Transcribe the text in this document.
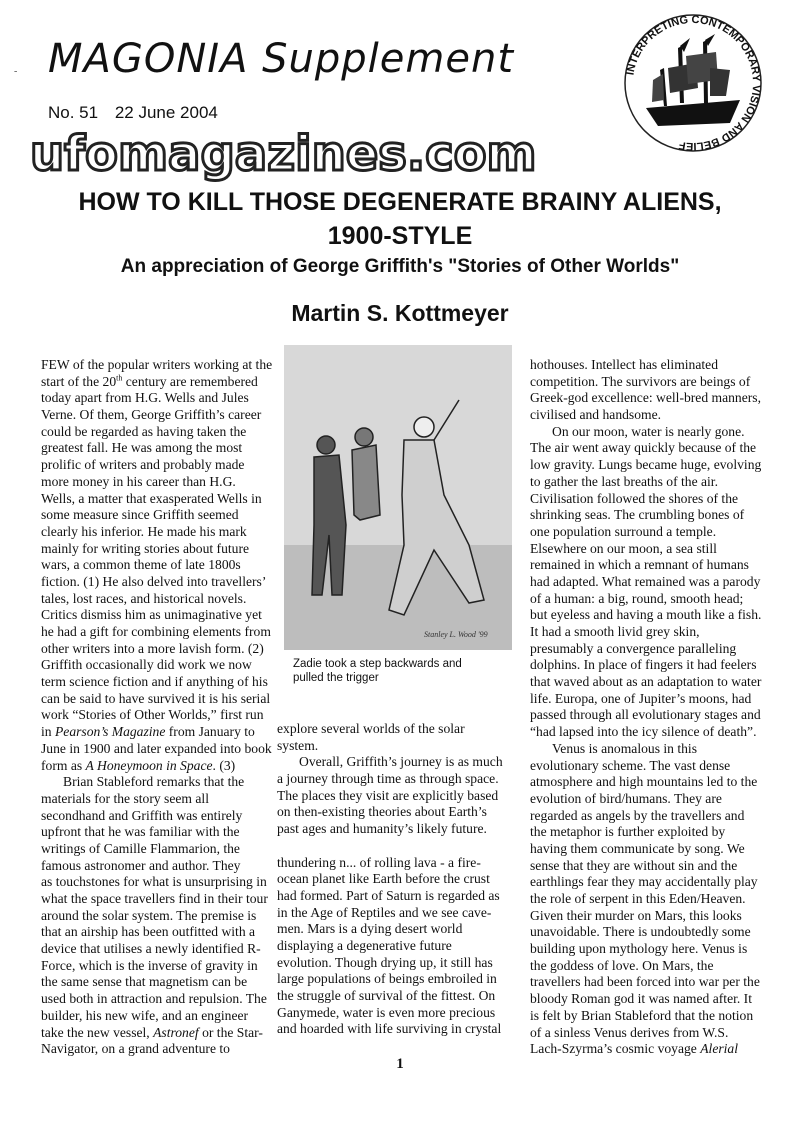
- MAGONIA Supplement
No. 51 22 June 2004
INTERPRETING CONTEMPORARY VISION AND BELIEF
ufomagazines.com
HOW TO KILL THOSE DEGENERATE BRAINY ALIENS,
1900-STYLE
An appreciation of George Griffith's "Stories of Other Worlds"
Martin S. Kottmeyer
FEW of the popular writers working at the
start of the 20th century are remembered
today apart from H.G. Wells and Jules
Verne. Of them, George Griffith’s career
could be regarded as having taken the
greatest fall. He was among the most
prolific of writers and probably made
more money in his career than H.G.
Wells, a matter that exasperated Wells in
some measure since Griffith seemed
clearly his inferior. He made his mark
mainly for writing stories about future
wars, a common theme of late 1800s
fiction. (1) He also delved into travellers’
tales, lost races, and historical novels.
Critics dismiss him as unimaginative yet
he had a gift for combining elements from
other writers into a more lavish form. (2)
Griffith occasionally did work we now
term science fiction and if anything of his
can be said to have survived it is his serial
work “Stories of Other Worlds,” first run
in Pearson’s Magazine from January to
June in 1900 and later expanded into book
form as A Honeymoon in Space. (3)
Brian Stableford remarks that the
materials for the story seem all
secondhand and Griffith was entirely
upfront that he was familiar with the
writings of Camille Flammarion, the
famous astronomer and author. They
as touchstones for what is unsurprising in
what the space travellers find in their tour
around the solar system. The premise is
that an airship has been outfitted with a
device that utilises a newly identified R-
Force, which is the inverse of gravity in
the same sense that magnetism can be
used both in attraction and repulsion. The
builder, his new wife, and an engineer
take the new vessel, Astronef or the Star-
Navigator, on a grand adventure to
Stanley L. Wood '99
Zadie took a step backwards and
pulled the trigger
explore several worlds of the solar
system.
Overall, Griffith’s journey is as much
a journey through time as through space.
The places they visit are explicitly based
on then-existing theories about Earth’s
past ages and humanity’s likely future.
thundering n... of rolling lava - a fire-
ocean planet like Earth before the crust
had formed. Part of Saturn is regarded as
in the Age of Reptiles and we see cave-
men. Mars is a dying desert world
displaying a degenerative future
evolution. Though drying up, it still has
large populations of beings embroiled in
the struggle of survival of the fittest. On
Ganymede, water is even more precious
and hoarded with life surviving in crystal
hothouses. Intellect has eliminated
competition. The survivors are beings of
Greek-god excellence: well-bred manners,
civilised and handsome.
On our moon, water is nearly gone.
The air went away quickly because of the
low gravity. Lungs became huge, evolving
to gather the last breaths of the air.
Civilisation followed the shores of the
shrinking seas. The crumbling bones of
one population surround a temple.
Elsewhere on our moon, a sea still
remained in which a remnant of humans
had adapted. What remained was a parody
of a human: a big, round, smooth head;
but eyeless and having a mouth like a fish.
It had a smooth livid grey skin,
presumably a convergence paralleling
dolphins. In place of fingers it had feelers
that waved about as an adaptation to water
life. Europa, one of Jupiter’s moons, had
passed through all evolutionary stages and
“had lapsed into the icy silence of death”.
Venus is anomalous in this
evolutionary scheme. The vast dense
atmosphere and high mountains led to the
evolution of bird/humans. They are
regarded as angels by the travellers and
the metaphor is further exploited by
having them communicate by song. We
sense that they are without sin and the
earthlings fear they may accidentally play
the role of serpent in this Eden/Heaven.
Given their murder on Mars, this looks
unavoidable. There is undoubtedly some
building upon mythology here. Venus is
the goddess of love. On Mars, the
travellers had been forced into war per the
bloody Roman god it was named after. It
is felt by Brian Stableford that the notion
of a sinless Venus derives from W.S.
Lach-Szyrma’s cosmic voyage Alerial
1
